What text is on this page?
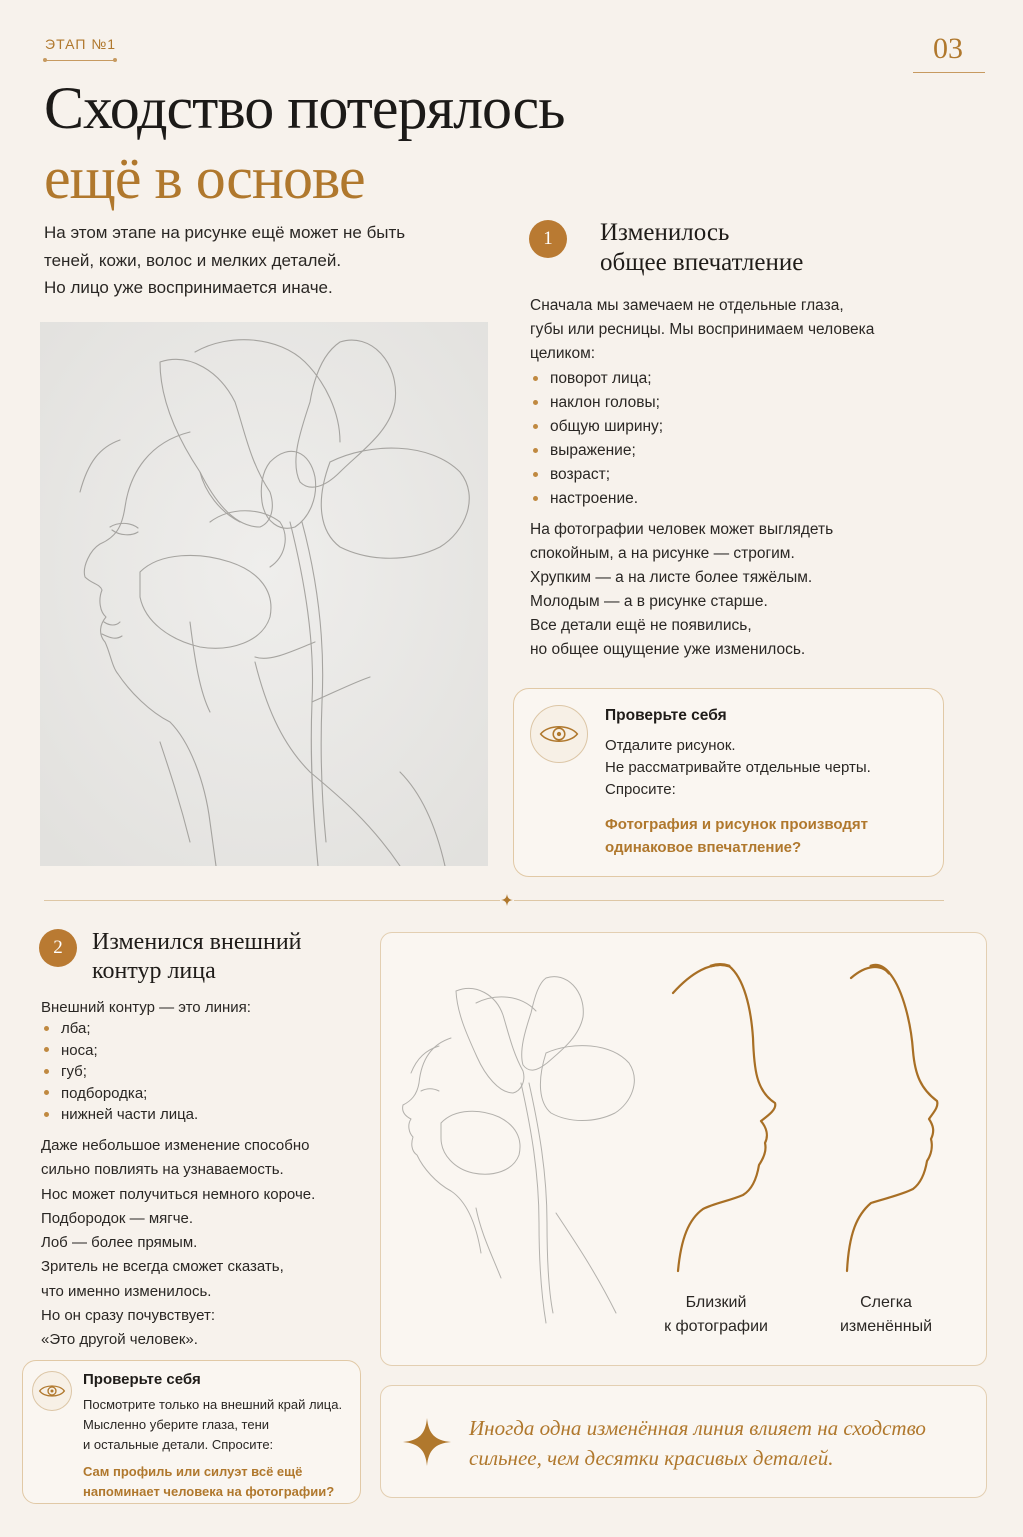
ЭТАП №1	03
Сходство потерялось
ещё в основе

На этом этапе на рисунке ещё может не быть

теней, кожи, волос и мелких деталей.

Но лицо уже воспринимается иначе.

1	Изменилось
общее впечатление

Сначала мы замечаем не отдельные глаза,

губы или ресницы. Мы воспринимаем человека

целиком:

поворот лица;
наклон головы;
общую ширину;
выражение;
возраст;
настроение.

На фотографии человек может выглядеть

спокойным, а на рисунке — строгим.

Хрупким — а на листе более тяжёлым.

Молодым — а в рисунке старше.

Все детали ещё не появились,

но общее ощущение уже изменилось.

Проверьте себя

Отдалите рисунок.

Не рассматривайте отдельные черты.

Спросите:

Фотография и рисунок производят
одинаковое впечатление?
2	Изменился внешний
контур лица
Внешний контур — это линия:
лба;
носа;
губ;
подбородка;
нижней части лица.

Даже небольшое изменение способно

сильно повлиять на узнаваемость.

Нос может получиться немного короче.

Подбородок — мягче.

Лоб — более прямым.

Зритель не всегда сможет сказать,

что именно изменилось.

Но он сразу почувствует:

«Это другой человек».

Проверьте себя

Посмотрите только на внешний край лица.

Мысленно уберите глаза, тени

и остальные детали. Спросите:

Сам профиль или силуэт всё ещё
напоминает человека на фотографии?

Близкий

к фотографии

Слегка

изменённый

Иногда одна изменённая линия влияет на сходство
сильнее, чем десятки красивых деталей.
